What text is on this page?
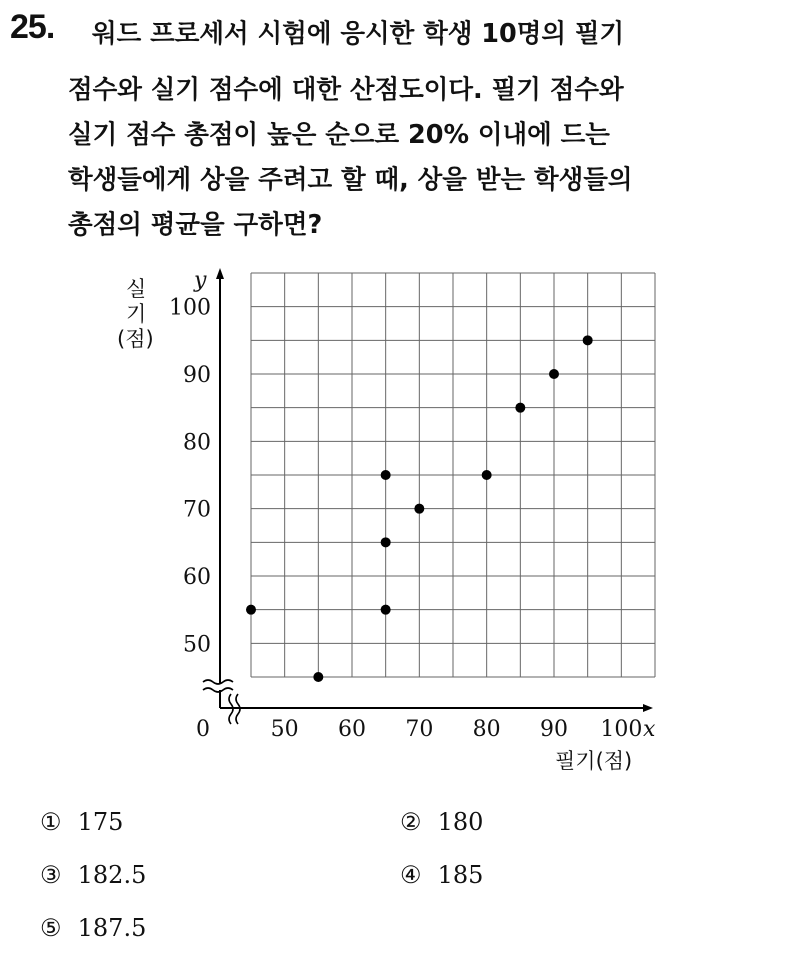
25. 워드 프로세서 시험에 응시한 학생 10명의 필기
점수와 실기 점수에 대한 산점도이다. 필기 점수와
실기 점수 총점이 높은 순으로 20% 이내에 드는
학생들에게 상을 주려고 할 때, 상을 받는 학생들의
총점의 평균을 구하면?
0	x
y
필기(점)
실
기
(점)
50 60 70 80 90 100
50
60
70
80
90
100
① 175	② 180
③ 182.5	④ 185
⑤ 187.5
